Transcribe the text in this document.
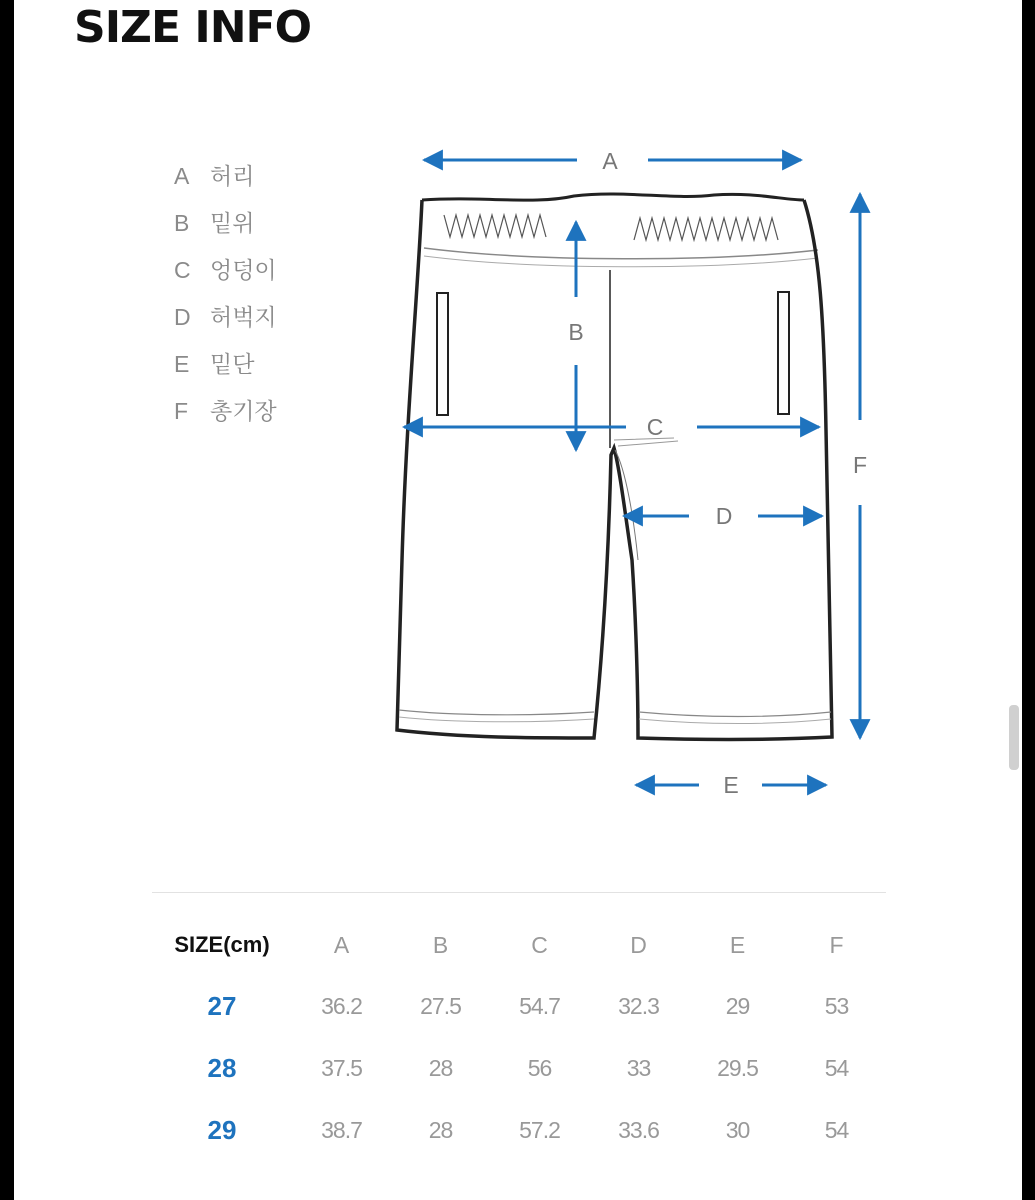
SIZE INFO
A 허리
B 밑위
C 엉덩이
D 허벅지
E 밑단
F 총기장
A
B
C
D
E
F
SIZE(cm)	A	B	C	D	E	F
27	36.2	27.5	54.7	32.3	29	53
28	37.5	28	56	33	29.5	54
29	38.7	28	57.2	33.6	30	54
